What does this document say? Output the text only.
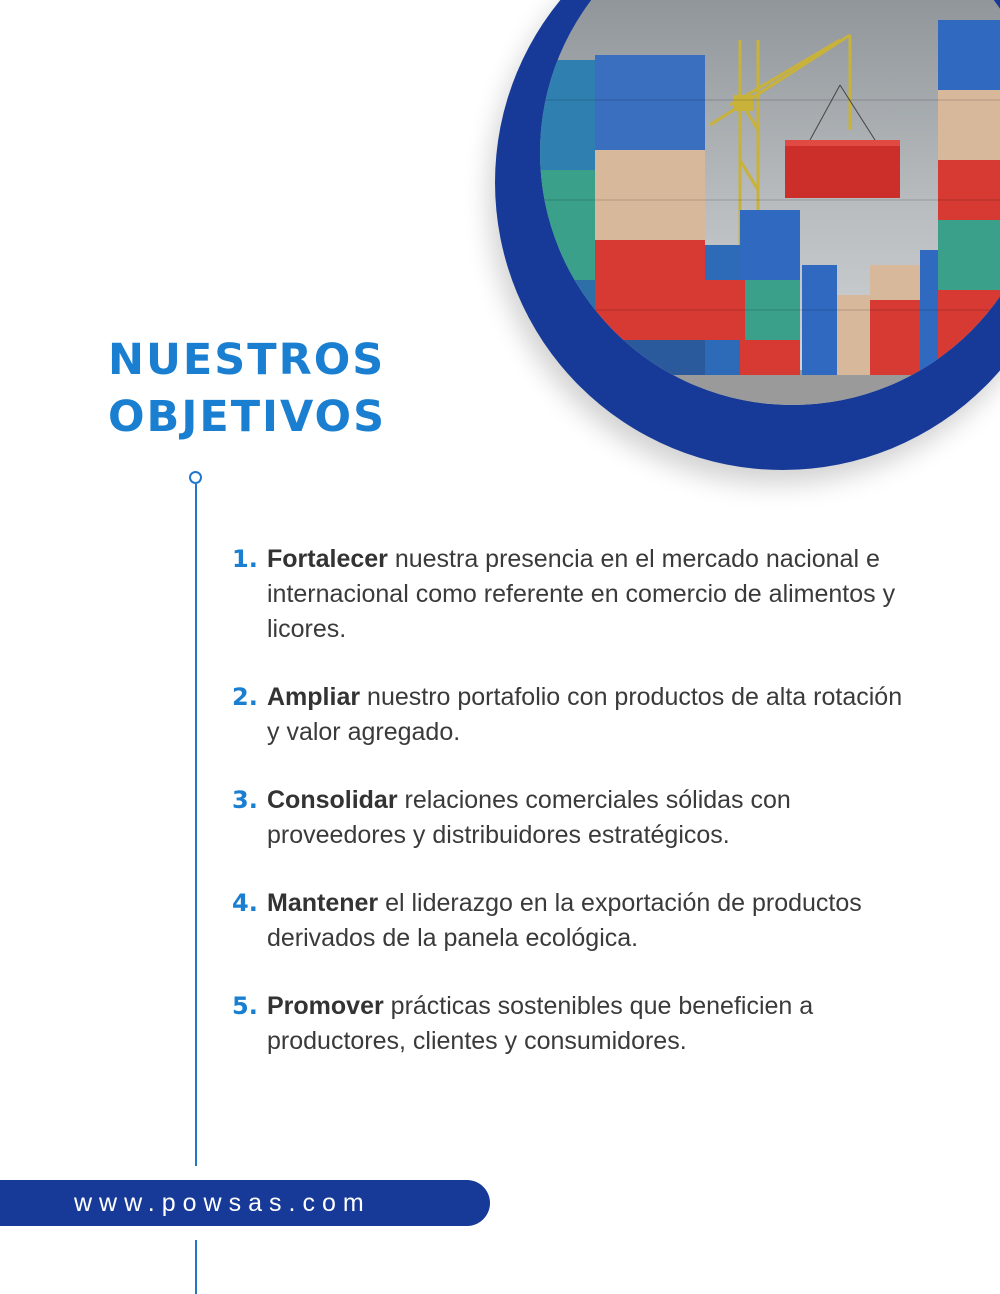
NUESTROS
OBJETIVOS
1. Fortalecer nuestra presencia en el mercado nacional e internacional como referente en comercio de alimentos y licores.
2. Ampliar nuestro portafolio con productos de alta rotación y valor agregado.
3. Consolidar relaciones comerciales sólidas con proveedores y distribuidores estratégicos.
4. Mantener el liderazgo en la exportación de productos derivados de la panela ecológica.
5. Promover prácticas sostenibles que beneficien a productores, clientes y consumidores.
www.powsas.com
